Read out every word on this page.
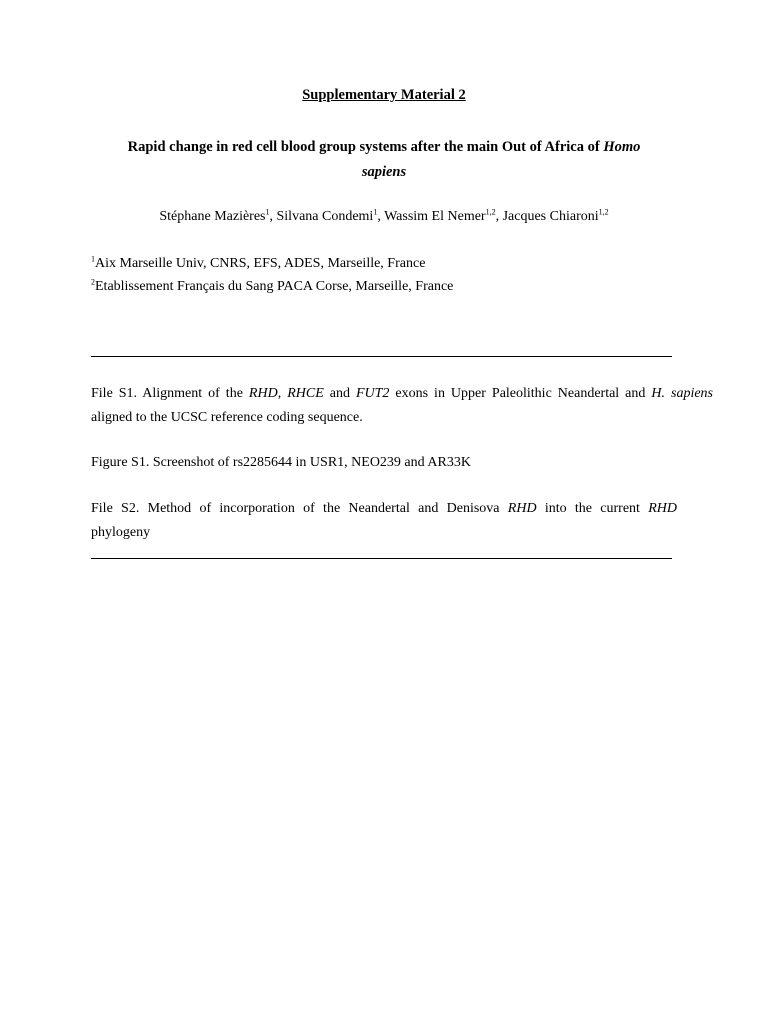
Supplementary Material 2
Rapid change in red cell blood group systems after the main Out of Africa of Homo
sapiens
Stéphane Mazières$^1$, Silvana Condemi$^1$, Wassim El Nemer$^{1,2}$, Jacques Chiaroni$^{1,2}$
$^1$Aix Marseille Univ, CNRS, EFS, ADES, Marseille, France
$^2$Etablissement Français du Sang PACA Corse, Marseille, France
File S1. Alignment of the RHD, RHCE and FUT2 exons in Upper Paleolithic Neandertal and H. sapiens
aligned to the UCSC reference coding sequence.
Figure S1. Screenshot of rs2285644 in USR1, NEO239 and AR33K
File S2. Method of incorporation of the Neandertal and Denisova RHD into the current RHD
phylogeny
